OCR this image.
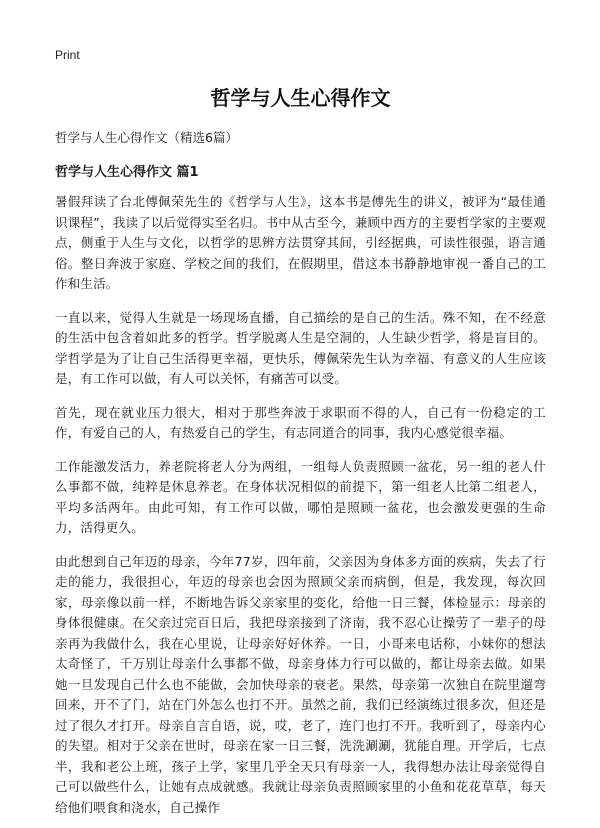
Print
哲学与人生心得作文
哲学与人生心得作文（精选6篇）
哲学与人生心得作文 篇1

暑假拜读了台北傅佩荣先生的《哲学与人生》，这本书是傅先生的讲义，被评为“最佳通识课程”，我读了以后觉得实至名归。书中从古至今，兼顾中西方的主要哲学家的主要观点，侧重于人生与文化，以哲学的思辨方法贯穿其间，引经据典，可读性很强，语言通俗。整日奔波于家庭、学校之间的我们，在假期里，借这本书静静地审视一番自己的工作和生活。

一直以来，觉得人生就是一场现场直播，自己描绘的是自己的生活。殊不知，在不经意的生活中包含着如此多的哲学。哲学脱离人生是空洞的，人生缺少哲学，将是盲目的。学哲学是为了让自己生活得更幸福，更快乐，傅佩荣先生认为幸福、有意义的人生应该是，有工作可以做，有人可以关怀，有痛苦可以受。

首先，现在就业压力很大，相对于那些奔波于求职而不得的人，自己有一份稳定的工作，有爱自己的人，有热爱自己的学生，有志同道合的同事，我内心感觉很幸福。

工作能激发活力，养老院将老人分为两组，一组每人负责照顾一盆花，另一组的老人什么事都不做，纯粹是休息养老。在身体状况相似的前提下，第一组老人比第二组老人，平均多活两年。由此可知，有工作可以做，哪怕是照顾一盆花，也会激发更强的生命力，活得更久。

由此想到自己年迈的母亲，今年77岁，四年前，父亲因为身体多方面的疾病，失去了行走的能力，我很担心，年迈的母亲也会因为照顾父亲而病倒，但是，我发现，每次回家，母亲像以前一样，不断地告诉父亲家里的变化，给他一日三餐，体检显示：母亲的身体很健康。在父亲过完百日后，我把母亲接到了济南，我不忍心让操劳了一辈子的母亲再为我做什么，我在心里说，让母亲好好休养。一日，小哥来电话称，小妹你的想法太奇怪了，千万别让母亲什么事都不做，母亲身体力行可以做的，都让母亲去做。如果她一旦发现自己什么也不能做，会加快母亲的衰老。果然，母亲第一次独自在院里遛弯回来，开不了门，站在门外怎么也打不开。虽然之前，我们已经演练过很多次，但还是过了很久才打开。母亲自言自语，说，哎，老了，连门也打不开。我听到了，母亲内心的失望。相对于父亲在世时，母亲在家一日三餐，洗洗涮涮，犹能自理。开学后，七点半，我和老公上班，孩子上学，家里几乎全天只有母亲一人，我得想办法让母亲觉得自己可以做些什么，让她有点成就感。我就让母亲负责照顾家里的小鱼和花花草草，每天给他们喂食和浇水，自己操作
